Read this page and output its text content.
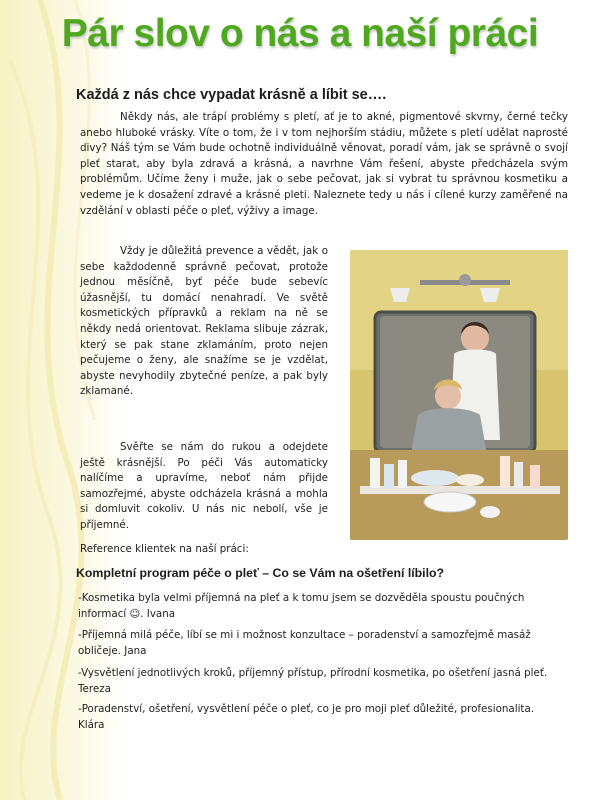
Pár slov o nás a naší práci
Každá z nás chce vypadat krásně a líbit se….

Někdy nás, ale trápí problémy s pletí, ať je to akné, pigmentové skvrny, černé tečky anebo hluboké vrásky. Víte o tom, že i v tom nejhorším stádiu, můžete s pletí udělat naprosté divy? Náš tým se Vám bude ochotně individuálně věnovat, poradí vám, jak se správně o svojí pleť starat, aby byla zdravá a krásná, a navrhne Vám řešení, abyste předcházela svým problémům. Učíme ženy i muže, jak o sebe pečovat, jak si vybrat tu správnou kosmetiku a vedeme je k dosažení zdravé a krásné pleti. Naleznete tedy u nás i cílené kurzy zaměřené na vzdělání v oblasti péče o pleť, výživy a image.

Vždy je důležitá prevence a vědět, jak o sebe každodenně správně pečovat, protože jednou měsíčně, byť péče bude sebevíc úžasnější, tu domácí nenahradí. Ve světě kosmetických přípravků a reklam na ně se někdy nedá orientovat. Reklama slibuje zázrak, který se pak stane zklamáním, proto nejen pečujeme o ženy, ale snažíme se je vzdělat, abyste nevyhodily zbytečné peníze, a pak byly zklamané.

Svěřte se nám do rukou a odejdete ještě krásnější. Po péči Vás automaticky nalíčíme a upravíme, neboť nám přijde samozřejmé, abyste odcházela krásná a mohla si domluvit cokoliv. U nás nic nebolí, vše je příjemné.

Reference klientek na naší práci:
Kompletní program péče o pleť – Co se Vám na ošetření líbilo?

-Kosmetika byla velmi příjemná na pleť a k tomu jsem se dozvěděla spoustu poučných informací ☺. Ivana

-Příjemná milá péče, líbí se mi i možnost konzultace – poradenství a samozřejmě masáž obličeje. Jana

-Vysvětlení jednotlivých kroků, příjemný přístup, přírodní kosmetika, po ošetření jasná pleť. Tereza

-Poradenství, ošetření, vysvětlení péče o pleť, co je pro moji pleť důležité, profesionalita. Klára
